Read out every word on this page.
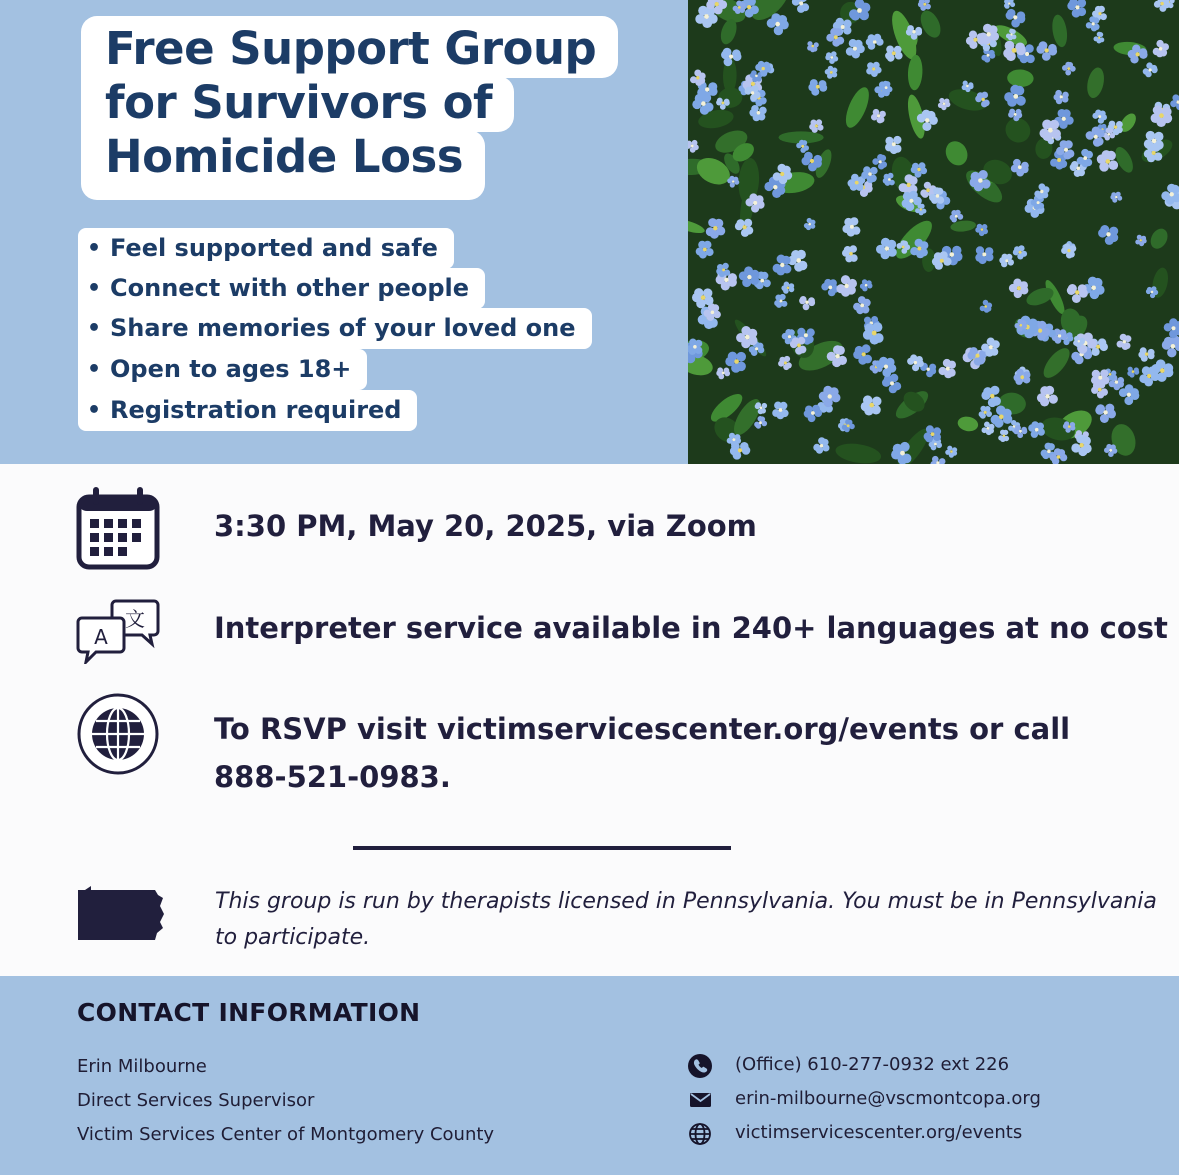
Free Support Group
for Survivors of
Homicide Loss
• Feel supported and safe
• Connect with other people
• Share memories of your loved one
• Open to ages 18+
• Registration required
3:30 PM, May 20, 2025, via Zoom
文
A	Interpreter service available in 240+ languages at no cost
To RSVP visit victimservicescenter.org/events or call 888-521-0983.
This group is run by therapists licensed in Pennsylvania. You must be in Pennsylvania to participate.
CONTACT INFORMATION
Erin Milbourne
Direct Services Supervisor
Victim Services Center of Montgomery County
(Office) 610-277-0932 ext 226
erin-milbourne@vscmontcopa.org
victimservicescenter.org/events
